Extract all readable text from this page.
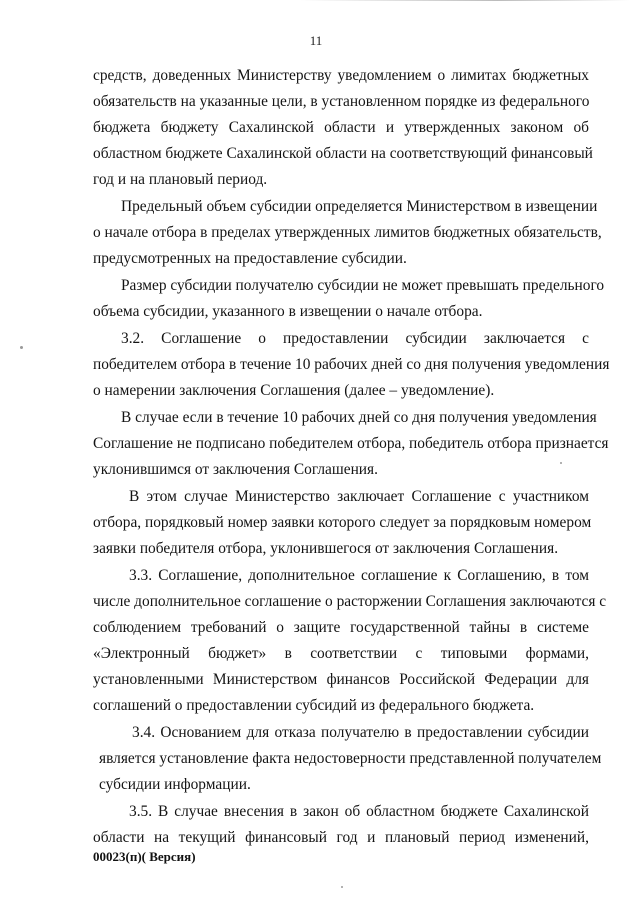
11
средств, доведенных Министерству уведомлением о лимитах бюджетных
обязательств на указанные цели, в установленном порядке из федерального
бюджета бюджету Сахалинской области и утвержденных законом об
областном бюджете Сахалинской области на соответствующий финансовый
год и на плановый период.
Предельный объем субсидии определяется Министерством в извещении
о начале отбора в пределах утвержденных лимитов бюджетных обязательств,
предусмотренных на предоставление субсидии.
Размер субсидии получателю субсидии не может превышать предельного
объема субсидии, указанного в извещении о начале отбора.
3.2. Соглашение о предоставлении субсидии заключается с
победителем отбора в течение 10 рабочих дней со дня получения уведомления
о намерении заключения Соглашения (далее – уведомление).
В случае если в течение 10 рабочих дней со дня получения уведомления
Соглашение не подписано победителем отбора, победитель отбора признается
уклонившимся от заключения Соглашения.
В этом случае Министерство заключает Соглашение с участником
отбора, порядковый номер заявки которого следует за порядковым номером
заявки победителя отбора, уклонившегося от заключения Соглашения.
3.3. Соглашение, дополнительное соглашение к Соглашению, в том
числе дополнительное соглашение о расторжении Соглашения заключаются с
соблюдением требований о защите государственной тайны в системе
«Электронный бюджет» в соответствии с типовыми формами,
установленными Министерством финансов Российской Федерации для
соглашений о предоставлении субсидий из федерального бюджета.
3.4. Основанием для отказа получателю в предоставлении субсидии
является установление факта недостоверности представленной получателем
субсидии информации.
3.5. В случае внесения в закон об областном бюджете Сахалинской
области на текущий финансовый год и плановый период изменений,
00023(п)( Версия)
